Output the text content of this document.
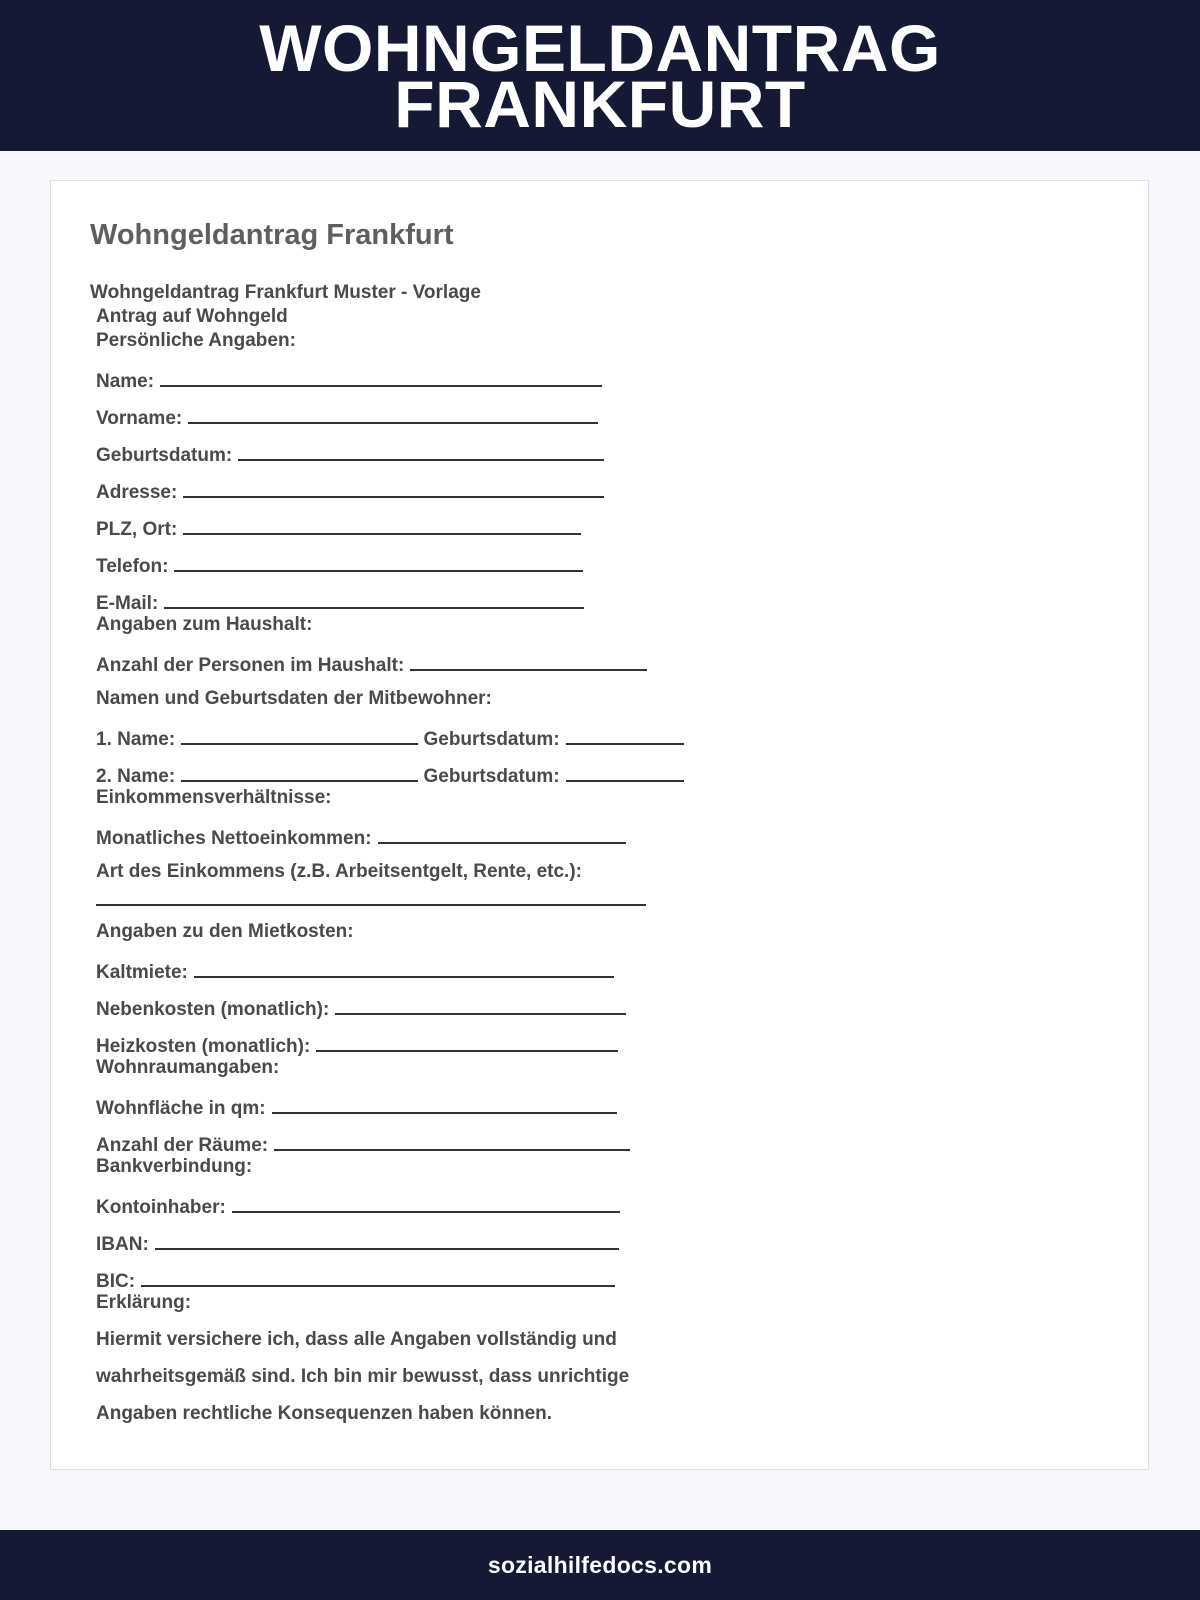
WOHNGELDANTRAG
FRANKFURT
Wohngeldantrag Frankfurt
Wohngeldantrag Frankfurt Muster - Vorlage
Antrag auf Wohngeld
Persönliche Angaben:
Name:
Vorname:
Geburtsdatum:
Adresse:
PLZ, Ort:
Telefon:
E-Mail:
Angaben zum Haushalt:
Anzahl der Personen im Haushalt:
Namen und Geburtsdaten der Mitbewohner:
1. Name:	Geburtsdatum:
2. Name:	Geburtsdatum:
Einkommensverhältnisse:
Monatliches Nettoeinkommen:
Art des Einkommens (z.B. Arbeitsentgelt, Rente, etc.):
Angaben zu den Mietkosten:
Kaltmiete:
Nebenkosten (monatlich):
Heizkosten (monatlich):
Wohnraumangaben:
Wohnfläche in qm:
Anzahl der Räume:
Bankverbindung:
Kontoinhaber:
IBAN:
BIC:
Erklärung:
Hiermit versichere ich, dass alle Angaben vollständig und
wahrheitsgemäß sind. Ich bin mir bewusst, dass unrichtige
Angaben rechtliche Konsequenzen haben können.
sozialhilfedocs.com
